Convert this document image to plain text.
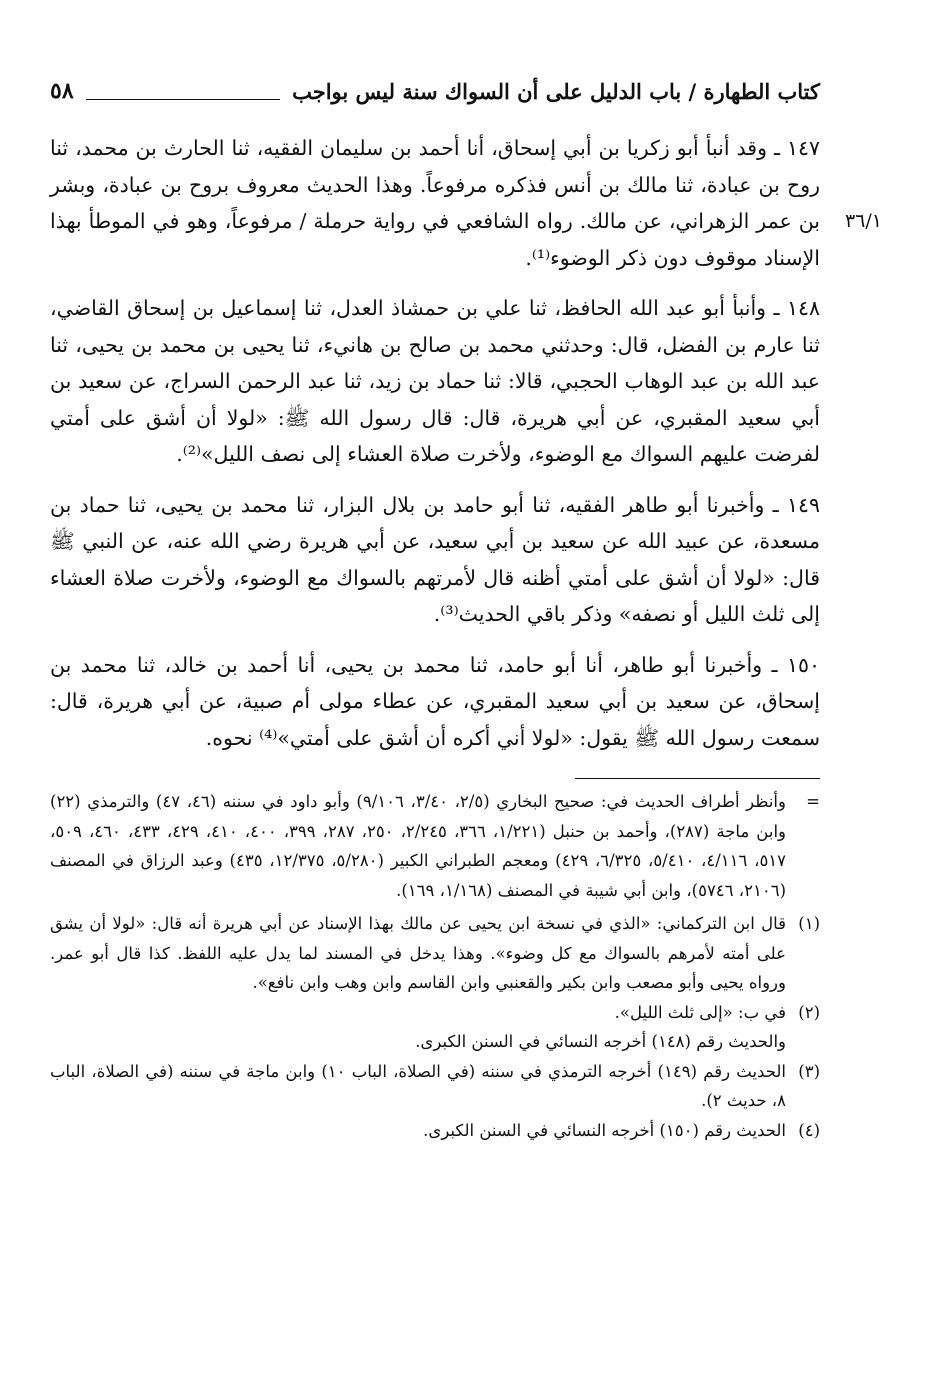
كتاب الطهارة / باب الدليل على أن السواك سنة ليس بواجب
٥٨

١٤٧ ـ وقد أنبأ أبو زكريا بن أبي إسحاق، أنا أحمد بن سليمان الفقيه، ثنا الحارث بن محمد، ثنا روح بن عبادة، ثنا مالك بن أنس فذكره مرفوعاً. وهذا الحديث معروف بروح بن عبادة، وبشر بن عمر الزهراني، عن مالك. رواه الشافعي في رواية حرملة / مرفوعاً، وهو في الموطأ بهذا الإسناد موقوف دون ذكر الوضوء⁽¹⁾.
٣٦/١

١٤٨ ـ وأنبأ أبو عبد الله الحافظ، ثنا علي بن حمشاذ العدل، ثنا إسماعيل بن إسحاق القاضي، ثنا عارم بن الفضل، قال: وحدثني محمد بن صالح بن هانيء، ثنا يحيى بن محمد بن يحيى، ثنا عبد الله بن عبد الوهاب الحجبي، قالا: ثنا حماد بن زيد، ثنا عبد الرحمن السراج، عن سعيد بن أبي سعيد المقبري، عن أبي هريرة، قال: قال رسول الله ﷺ: «لولا أن أشق على أمتي لفرضت عليهم السواك مع الوضوء، ولأخرت صلاة العشاء إلى نصف الليل»⁽²⁾.

١٤٩ ـ وأخبرنا أبو طاهر الفقيه، ثنا أبو حامد بن بلال البزار، ثنا محمد بن يحيى، ثنا حماد بن مسعدة، عن عبيد الله عن سعيد بن أبي سعيد، عن أبي هريرة رضي الله عنه، عن النبي ﷺ قال: «لولا أن أشق على أمتي أظنه قال لأمرتهم بالسواك مع الوضوء، ولأخرت صلاة العشاء إلى ثلث الليل أو نصفه» وذكر باقي الحديث⁽³⁾.

١٥٠ ـ وأخبرنا أبو طاهر، أنا أبو حامد، ثنا محمد بن يحيى، أنا أحمد بن خالد، ثنا محمد بن إسحاق، عن سعيد بن أبي سعيد المقبري، عن عطاء مولى أم صبية، عن أبي هريرة، قال: سمعت رسول الله ﷺ يقول: «لولا أني أكره أن أشق على أمتي»⁽⁴⁾ نحوه.

=
وأنظر أطراف الحديث في: صحيح البخاري (٢/٥، ٣/٤٠، ٩/١٠٦) وأبو داود في سننه (٤٦، ٤٧) والترمذي (٢٢) وابن ماجة (٢٨٧)، وأحمد بن حنبل (١/٢٢١، ٣٦٦، ٢/٢٤٥، ٢٥٠، ٢٨٧، ٣٩٩، ٤٠٠، ٤١٠، ٤٢٩، ٤٣٣، ٤٦٠، ٥٠٩، ٥١٧، ٤/١١٦، ٥/٤١٠، ٦/٣٢٥، ٤٢٩) ومعجم الطبراني الكبير (٥/٢٨٠، ١٢/٣٧٥، ٤٣٥) وعبد الرزاق في المصنف (٢١٠٦، ٥٧٤٦)، وابن أبي شيبة في المصنف (١/١٦٨، ١٦٩).

(١)
قال ابن التركماني: «الذي في نسخة ابن يحيى عن مالك بهذا الإسناد عن أبي هريرة أنه قال: «لولا أن يشق على أمته لأمرهم بالسواك مع كل وضوء». وهذا يدخل في المسند لما يدل عليه اللفظ. كذا قال أبو عمر. ورواه يحيى وأبو مصعب وابن بكير والقعنبي وابن القاسم وابن وهب وابن نافع».

(٢)
في ب: «إلى ثلث الليل».
والحديث رقم (١٤٨) أخرجه النسائي في السنن الكبرى.

(٣)
الحديث رقم (١٤٩) أخرجه الترمذي في سننه (في الصلاة، الباب ١٠) وابن ماجة في سننه (في الصلاة، الباب ٨، حديث ٢).

(٤)
الحديث رقم (١٥٠) أخرجه النسائي في السنن الكبرى.
